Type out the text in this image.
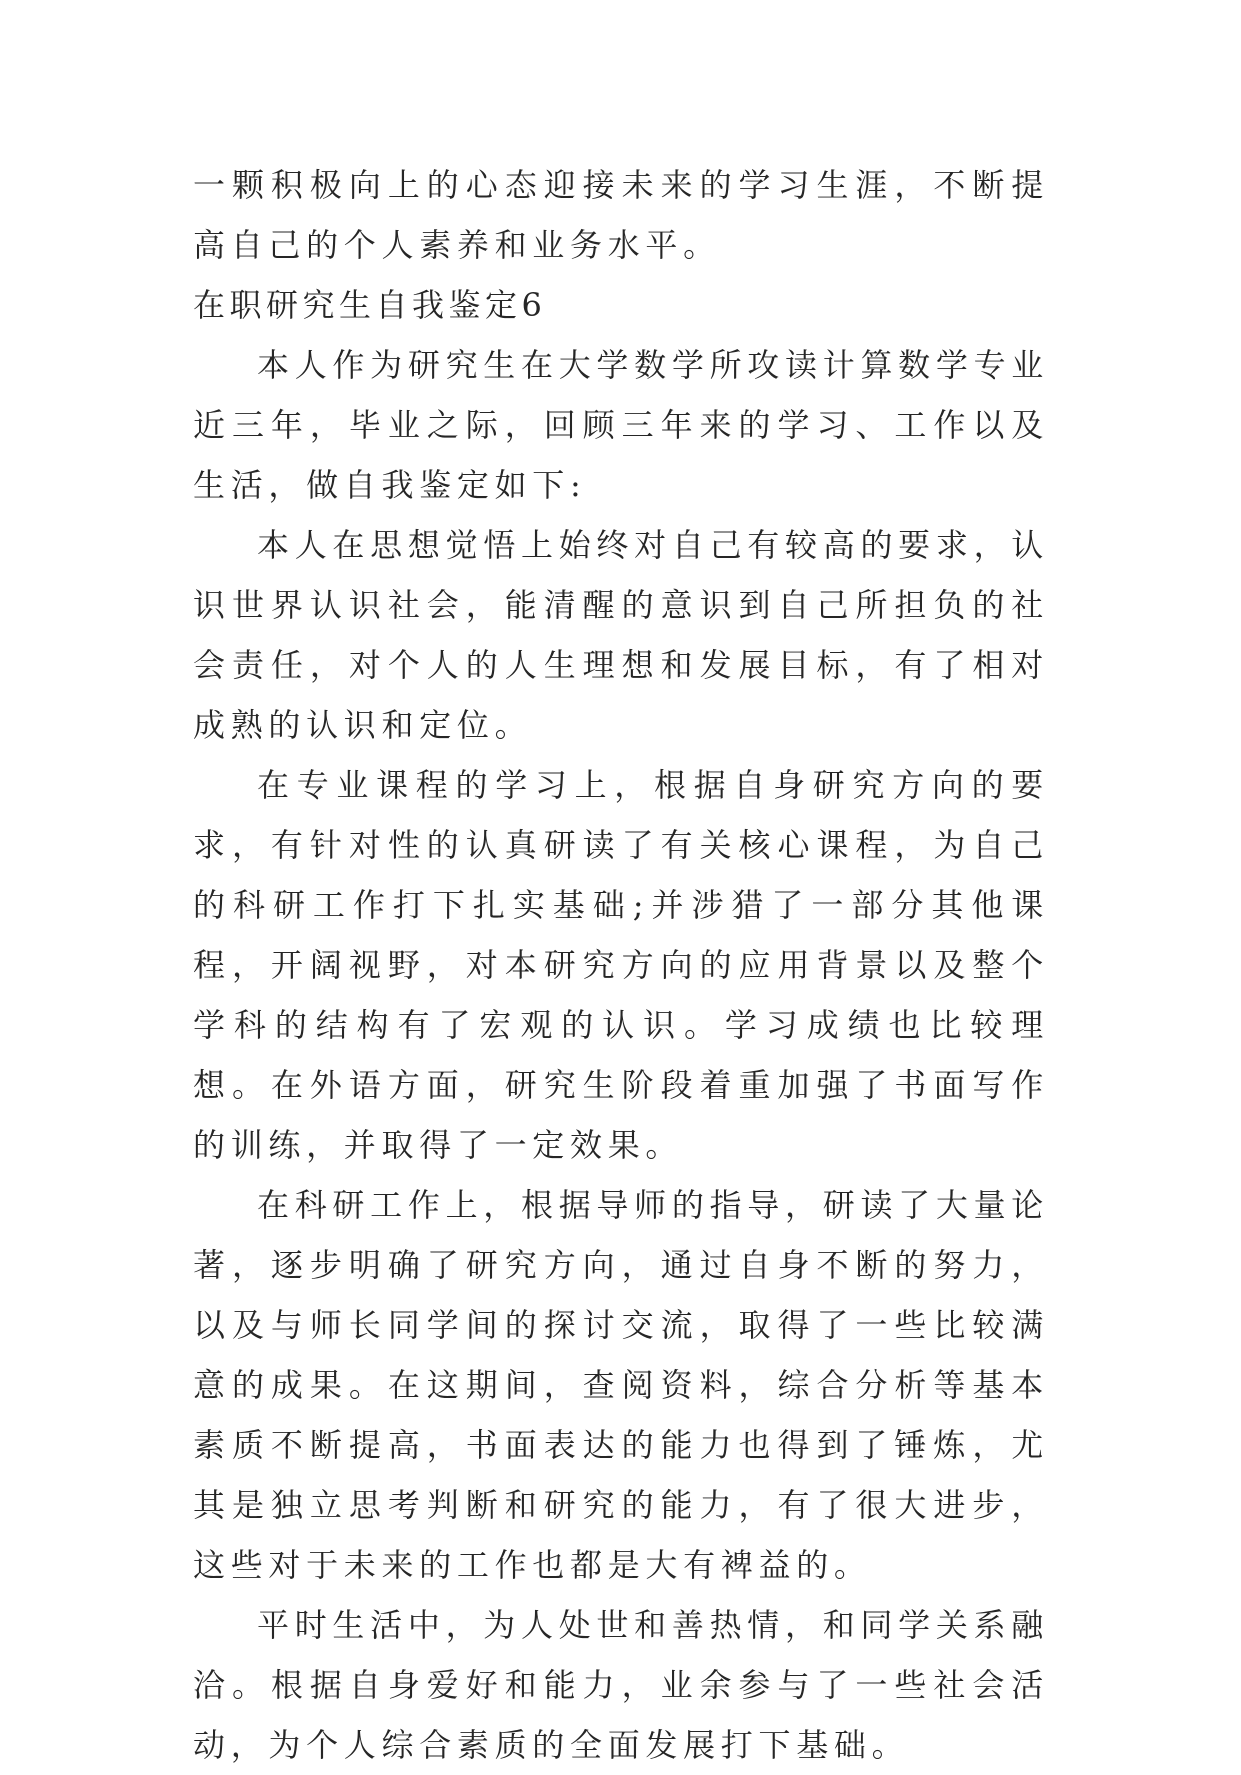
一颗积极向上的心态迎接未来的学习生涯，不断提高自己的个人素养和业务水平。

在职研究生自我鉴定6

本人作为研究生在大学数学所攻读计算数学专业近三年，毕业之际，回顾三年来的学习、工作以及生活，做自我鉴定如下:

本人在思想觉悟上始终对自己有较高的要求，认识世界认识社会，能清醒的意识到自己所担负的社会责任，对个人的人生理想和发展目标，有了相对成熟的认识和定位。

在专业课程的学习上，根据自身研究方向的要求，有针对性的认真研读了有关核心课程，为自己的科研工作打下扎实基础;并涉猎了一部分其他课程，开阔视野，对本研究方向的应用背景以及整个学科的结构有了宏观的认识。学习成绩也比较理想。在外语方面，研究生阶段着重加强了书面写作的训练，并取得了一定效果。

在科研工作上，根据导师的指导，研读了大量论著，逐步明确了研究方向，通过自身不断的努力，以及与师长同学间的探讨交流，取得了一些比较满意的成果。在这期间，查阅资料，综合分析等基本素质不断提高，书面表达的能力也得到了锤炼，尤其是独立思考判断和研究的能力，有了很大进步，这些对于未来的工作也都是大有裨益的。

平时生活中，为人处世和善热情，和同学关系融洽。根据自身爱好和能力，业余参与了一些社会活动，为个人综合素质的全面发展打下基础。
